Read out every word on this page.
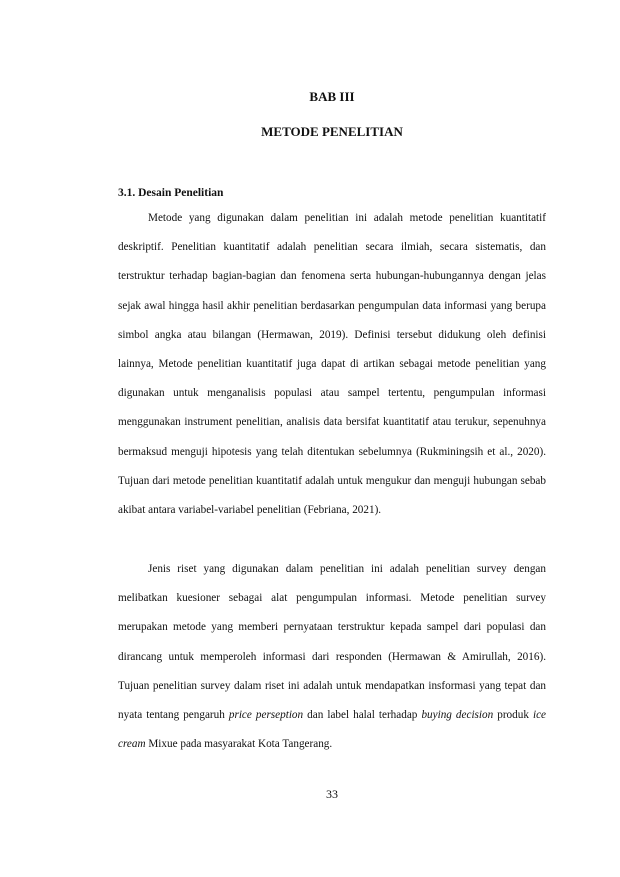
BAB III
METODE PENELITIAN
3.1. Desain Penelitian

Metode yang digunakan dalam penelitian ini adalah metode penelitian kuantitatif deskriptif. Penelitian kuantitatif adalah penelitian secara ilmiah, secara sistematis, dan terstruktur terhadap bagian-bagian dan fenomena serta hubungan-hubungannya dengan jelas sejak awal hingga hasil akhir penelitian berdasarkan pengumpulan data informasi yang berupa simbol angka atau bilangan (Hermawan, 2019). Definisi tersebut didukung oleh definisi lainnya, Metode penelitian kuantitatif juga dapat di artikan sebagai metode penelitian yang digunakan untuk menganalisis populasi atau sampel tertentu, pengumpulan informasi menggunakan instrument penelitian, analisis data bersifat kuantitatif atau terukur, sepenuhnya bermaksud menguji hipotesis yang telah ditentukan sebelumnya (Rukminingsih et al., 2020). Tujuan dari metode penelitian kuantitatif adalah untuk mengukur dan menguji hubungan sebab akibat antara variabel-variabel penelitian (Febriana, 2021).

Jenis riset yang digunakan dalam penelitian ini adalah penelitian survey dengan melibatkan kuesioner sebagai alat pengumpulan informasi. Metode penelitian survey merupakan metode yang memberi pernyataan terstruktur kepada sampel dari populasi dan dirancang untuk memperoleh informasi dari responden (Hermawan & Amirullah, 2016). Tujuan penelitian survey dalam riset ini adalah untuk mendapatkan insformasi yang tepat dan nyata tentang pengaruh price perseption dan label halal terhadap buying decision produk ice cream Mixue pada masyarakat Kota Tangerang.

33
